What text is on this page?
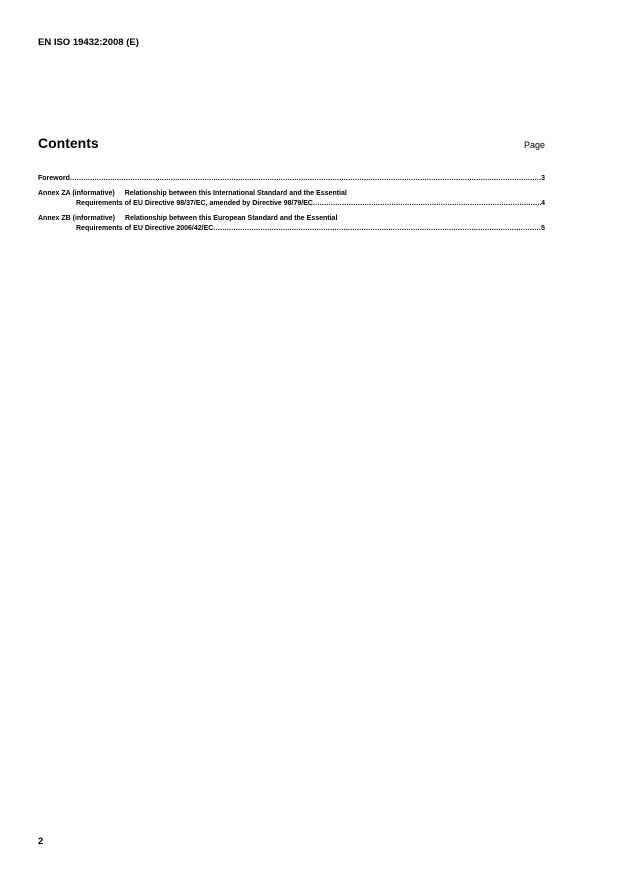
EN ISO 19432:2008 (E)
Contents	Page
Foreword .....	3
Annex ZA (informative) Relationship between this International Standard and the Essential
Requirements of EU Directive 98/37/EC, amended by Directive 98/79/EC .....	4
Annex ZB (informative) Relationship between this European Standard and the Essential
Requirements of EU Directive 2006/42/EC .....	5
2
